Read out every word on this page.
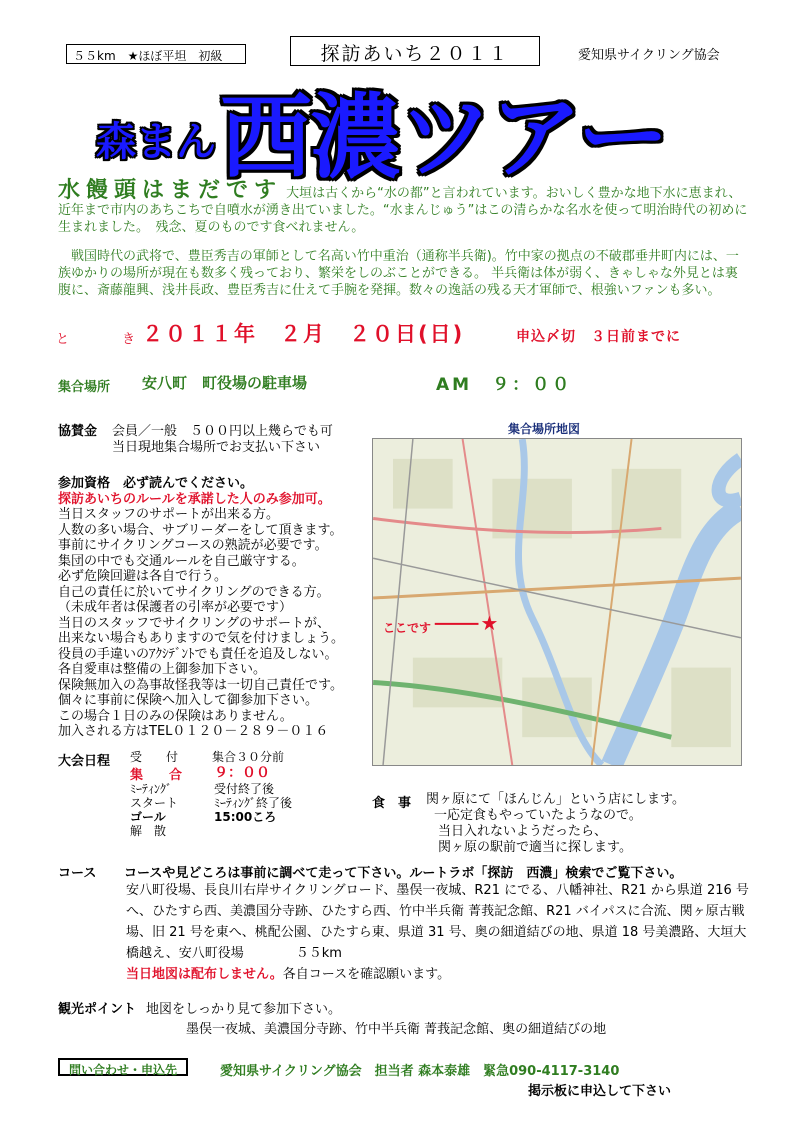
５５km　★ほぼ平坦　初級	探訪あいち２０１１	愛知県サイクリング協会
森まん 西濃ツアー
水饅頭はまだです 大垣は古くから“水の都”と言われています。おいしく豊かな地下水に恵まれ、近年まで市内のあちこちで自噴水が湧き出ていました。“水まんじゅう”はこの清らかな名水を使って明治時代の初めに生まれました。　残念、夏のものです食べれません。
戦国時代の武将で、豊臣秀吉の軍師として名高い竹中重治（通称半兵衛)。竹中家の拠点の不破郡垂井町内には、一族ゆかりの場所が現在も数多く残っており、繁栄をしのぶことができる。 半兵衛は体が弱く、きゃしゃな外見とは裏腹に、斎藤龍興、浅井長政、豊臣秀吉に仕えて手腕を発揮。数々の逸話の残る天才軍師で、根強いファンも多い。
と　き
２０１１年　２月　２０日(日)	申込〆切　３日前までに
集合場所 安八町　町役場の駐車場	AM　９：００
協賛金 会員／一般　５００円以上幾らでも可
当日現地集合場所でお支払い下さい
集合場所地図
★
ここです
参加資格　必ず読んでください。
探訪あいちのルールを承諾した人のみ参加可。
当日スタッフのサポートが出来る方。
人数の多い場合、サブリーダーをして頂きます。
事前にサイクリングコースの熟読が必要です。
集団の中でも交通ルールを自己厳守する。
必ず危険回避は各自で行う。
自己の責任に於いてサイクリングのできる方。
（未成年者は保護者の引率が必要です）
当日のスタッフでサイクリングのサポートが、
出来ない場合もありますので気を付けましょう。
役員の手違いのｱｸｼﾃﾞﾝﾄでも責任を追及しない。
各自愛車は整備の上御参加下さい。
保険無加入の為事故怪我等は一切自己責任です。
個々に事前に保険へ加入して御参加下さい。
この場合１日のみの保険はありません。
加入される方はTEL０１２０－２８９－０１６
大会日程 受　　付	集合３０分前
集　　合 ９：００
ﾐｰﾃｨﾝｸﾞ	受付終了後
スタート	ﾐｰﾃｨﾝｸﾞ終了後
ゴール	15:00ころ
解　散
食　事 関ヶ原にて「ほんじん」という店にします。
一応定食もやっていたようなので。
当日入れないようだったら、
関ヶ原の駅前で適当に探します。
コース コースや見どころは事前に調べて走って下さい。ルートラボ「探訪　西濃」検索でご覧下さい。
安八町役場、長良川右岸サイクリングロード、墨俣一夜城、R21 にでる、八幡神社、R21 から県道 216 号へ、ひたすら西、美濃国分寺跡、ひたすら西、竹中半兵衛 菁莪記念館、R21 バイパスに合流、関ヶ原古戦場、旧 21 号を東へ、桃配公園、ひたすら東、県道 31 号、奥の細道結びの地、県道 18 号美濃路、大垣大橋越え、安八町役場　　　　５５km
当日地図は配布しません。各自コースを確認願います。
観光ポイント 地図をしっかり見て参加下さい。
墨俣一夜城、美濃国分寺跡、竹中半兵衛 菁莪記念館、奥の細道結びの地
問い合わせ・申込先	愛知県サイクリング協会　担当者 森本泰雄　緊急090-4117-3140
掲示板に申込して下さい
